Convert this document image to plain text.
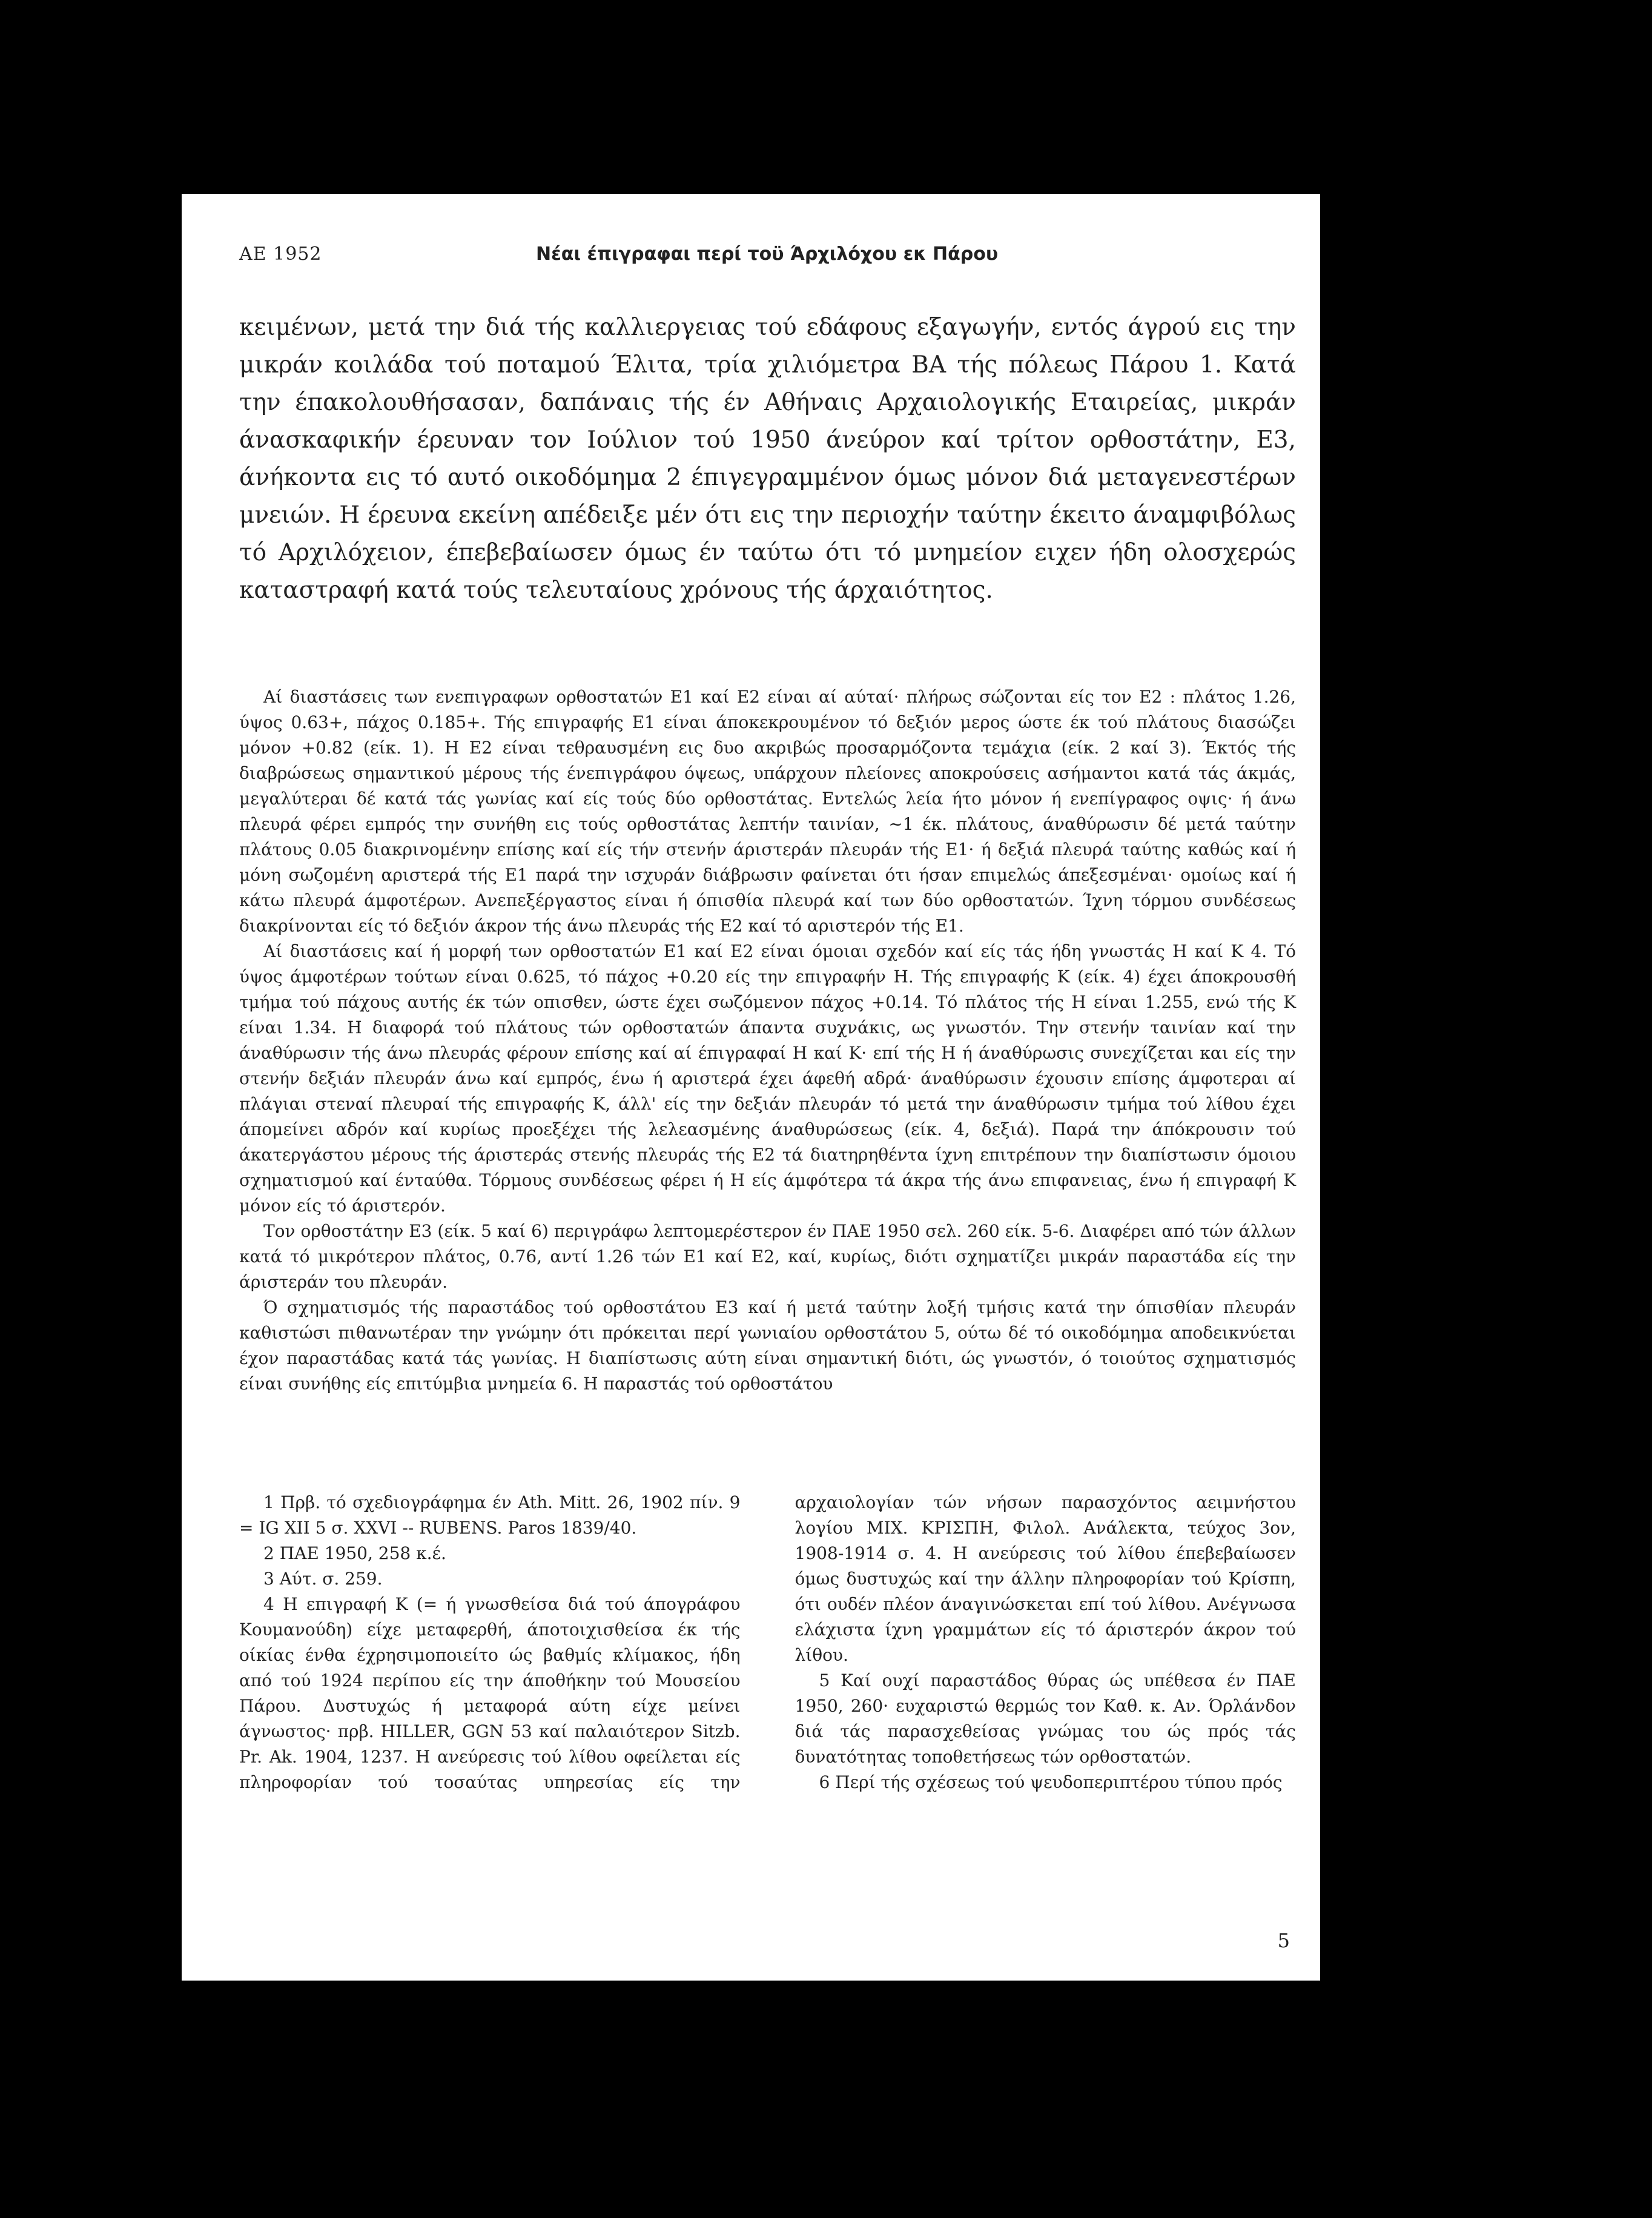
ΑΕ 1952	Νέαι έπιγραφαι περί τοϋ Άρχιλόχου εκ Πάρου

κειμένων, μετά την διά τής καλλιεργειας τού εδάφους εξαγωγήν, εντός άγρού εις την μικράν κοιλάδα τού ποταμού Έλιτα, τρία χιλιόμετρα ΒΑ τής πόλεως Πάρου 1. Κατά την έπακολουθήσασαν, δαπάναις τής έν Αθήναις Αρχαιολογικής Εταιρείας, μικράν άνασκαφικήν έρευναν τον Ιούλιον τού 1950 άνεύρον καί τρίτον ορθοστάτην, Ε3, άνήκοντα εις τό αυτό οικοδόμημα 2 έπιγεγραμμένον όμως μόνον διά μεταγενεστέρων μνειών. Η έρευνα εκείνη απέδειξε μέν ότι εις την περιοχήν ταύτην έκειτο άναμφιβόλως τό Αρχιλόχειον, έπεβεβαίωσεν όμως έν ταύτω ότι τό μνημείον ειχεν ήδη ολοσχερώς καταστραφή κατά τούς τελευταίους χρόνους τής άρχαιότητος.

Αί διαστάσεις των ενεπιγραφων ορθοστατών Ε1 καί Ε2 είναι αί αύταί· πλήρως σώζονται είς τον Ε2 : πλάτος 1.26, ύψος 0.63+, πάχος 0.185+. Τής επιγραφής Ε1 είναι άποκεκρουμένον τό δεξιόν μερος ώστε έκ τού πλάτους διασώζει μόνον +0.82 (είκ. 1). Η Ε2 είναι τεθραυσμένη εις δυο ακριβώς προσαρμόζοντα τεμάχια (είκ. 2 καί 3). Έκτός τής διαβρώσεως σημαντικού μέρους τής ένεπιγράφου όψεως, υπάρχουν πλείονες αποκρούσεις ασήμαντοι κατά τάς άκμάς, μεγαλύτεραι δέ κατά τάς γωνίας καί είς τούς δύο ορθοστάτας. Εντελώς λεία ήτο μόνον ή ενεπίγραφος οψις· ή άνω πλευρά φέρει εμπρός την συνήθη εις τούς ορθοστάτας λεπτήν ταινίαν, ~1 έκ. πλάτους, άναθύρωσιν δέ μετά ταύτην πλάτους 0.05 διακρινομένην επίσης καί είς τήν στενήν άριστεράν πλευράν τής Ε1· ή δεξιά πλευρά ταύτης καθώς καί ή μόνη σωζομένη αριστερά τής Ε1 παρά την ισχυράν διάβρωσιν φαίνεται ότι ήσαν επιμελώς άπεξεσμέναι· ομοίως καί ή κάτω πλευρά άμφοτέρων. Ανεπεξέργαστος είναι ή όπισθία πλευρά καί των δύο ορθοστατών. Ίχνη τόρμου συνδέσεως διακρίνονται είς τό δεξιόν άκρον τής άνω πλευράς τής Ε2 καί τό αριστερόν τής Ε1.

Αί διαστάσεις καί ή μορφή των ορθοστατών Ε1 καί Ε2 είναι όμοιαι σχεδόν καί είς τάς ήδη γνωστάς Η καί Κ 4. Τό ύψος άμφοτέρων τούτων είναι 0.625, τό πάχος +0.20 είς την επιγραφήν Η. Τής επιγραφής Κ (είκ. 4) έχει άποκρουσθή τμήμα τού πάχους αυτής έκ τών οπισθεν, ώστε έχει σωζόμενον πάχος +0.14. Τό πλάτος τής Η είναι 1.255, ενώ τής Κ είναι 1.34. Η διαφορά τού πλάτους τών ορθοστατών άπαντα συχνάκις, ως γνωστόν. Την στενήν ταινίαν καί την άναθύρωσιν τής άνω πλευράς φέρουν επίσης καί αί έπιγραφαί Η καί Κ· επί τής Η ή άναθύρωσις συνεχίζεται και είς την στενήν δεξιάν πλευράν άνω καί εμπρός, ένω ή αριστερά έχει άφεθή αδρά· άναθύρωσιν έχουσιν επίσης άμφοτεραι αί πλάγιαι στεναί πλευραί τής επιγραφής Κ, άλλ' είς την δεξιάν πλευράν τό μετά την άναθύρωσιν τμήμα τού λίθου έχει άπομείνει αδρόν καί κυρίως προεξέχει τής λελεασμένης άναθυρώσεως (είκ. 4, δεξιά). Παρά την άπόκρουσιν τού άκατεργάστου μέρους τής άριστεράς στενής πλευράς τής Ε2 τά διατηρηθέντα ίχνη επιτρέπουν την διαπίστωσιν όμοιου σχηματισμού καί ένταύθα. Τόρμους συνδέσεως φέρει ή Η είς άμφότερα τά άκρα τής άνω επιφανειας, ένω ή επιγραφή Κ μόνον είς τό άριστερόν.

Τον ορθοστάτην Ε3 (είκ. 5 καί 6) περιγράφω λεπτομερέστερον έν ΠΑΕ 1950 σελ. 260 είκ. 5-6. Διαφέρει από τών άλλων κατά τό μικρότερον πλάτος, 0.76, αντί 1.26 τών Ε1 καί Ε2, καί, κυρίως, διότι σχηματίζει μικράν παραστάδα είς την άριστεράν του πλευράν.

Ό σχηματισμός τής παραστάδος τού ορθοστάτου Ε3 καί ή μετά ταύτην λοξή τμήσις κατά την όπισθίαν πλευράν καθιστώσι πιθανωτέραν την γνώμην ότι πρόκειται περί γωνιαίου ορθοστάτου 5, ούτω δέ τό οικοδόμημα αποδεικνύεται έχον παραστάδας κατά τάς γωνίας. Η διαπίστωσις αύτη είναι σημαντική διότι, ώς γνωστόν, ό τοιούτος σχηματισμός είναι συνήθης είς επιτύμβια μνημεία 6. Η παραστάς τού ορθοστάτου

1 Πρβ. τό σχεδιογράφημα έν Ath. Mitt. 26, 1902 πίν. 9 = IG XII 5 σ. XXVI -- RUBENS. Paros 1839/40.

2 ΠΑΕ 1950, 258 κ.έ.

3 Αύτ. σ. 259.

4 Η επιγραφή Κ (= ή γνωσθείσα διά τού άπογράφου Κουμανούδη) είχε μεταφερθή, άποτοιχισθείσα έκ τής οίκίας ένθα έχρησιμοποιείτο ώς βαθμίς κλίμακος, ήδη από τού 1924 περίπου είς την άποθήκην τού Μουσείου Πάρου. Δυστυχώς ή μεταφορά αύτη είχε μείνει άγνωστος· πρβ. HILLER, GGN 53 καί παλαιότερον Sitzb. Pr. Ak. 1904, 1237. Η ανεύρεσις τού λίθου οφείλεται είς πληροφορίαν τού τοσαύτας υπηρεσίας είς την αρχαιολογίαν τών νήσων παρασχόντος αειμνήστου λογίου ΜΙΧ. ΚΡΙΣΠΗ, Φιλολ. Ανάλεκτα, τεύχος 3ον, 1908-1914 σ. 4. Η ανεύρεσις τού λίθου έπεβεβαίωσεν όμως δυστυχώς καί την άλλην πληροφορίαν τού Κρίσπη, ότι ουδέν πλέον άναγινώσκεται επί τού λίθου. Ανέγνωσα ελάχιστα ίχνη γραμμάτων είς τό άριστερόν άκρον τού λίθου.

5 Καί ουχί παραστάδος θύρας ώς υπέθεσα έν ΠΑΕ 1950, 260· ευχαριστώ θερμώς τον Καθ. κ. Αν. Όρλάνδον διά τάς παρασχεθείσας γνώμας του ώς πρός τάς δυνατότητας τοποθετήσεως τών ορθοστατών.

6 Περί τής σχέσεως τού ψευδοπεριπτέρου τύπου πρός

5
